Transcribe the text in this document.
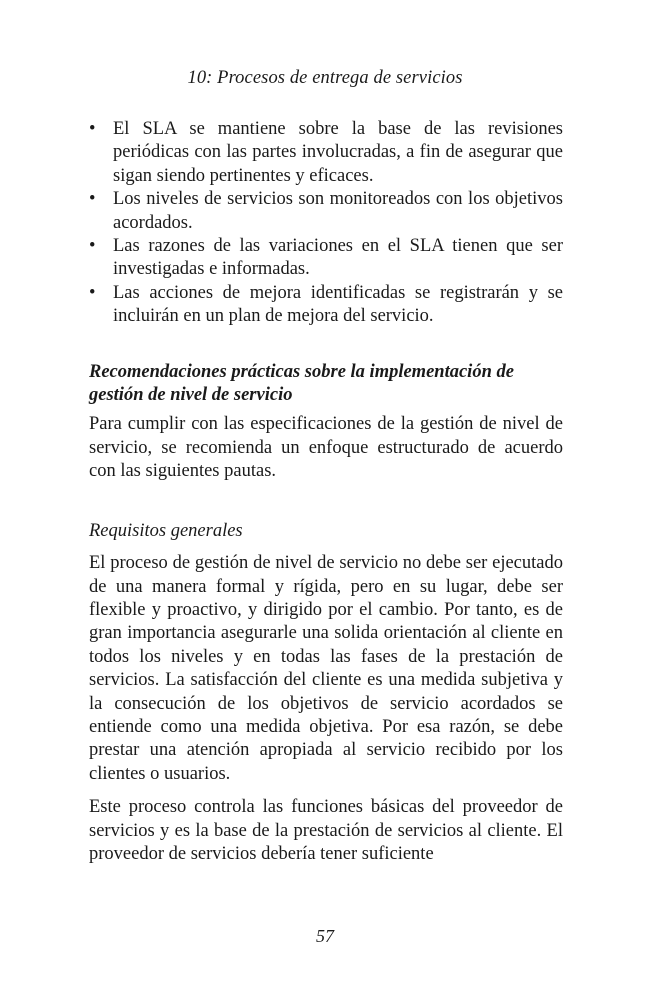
10: Procesos de entrega de servicios
• El SLA se mantiene sobre la base de las revisiones periódicas con las partes involucradas, a fin de asegurar que sigan siendo pertinentes y eficaces.
• Los niveles de servicios son monitoreados con los objetivos acordados.
• Las razones de las variaciones en el SLA tienen que ser investigadas e informadas.
• Las acciones de mejora identificadas se registrarán y se incluirán en un plan de mejora del servicio.

Recomendaciones prácticas sobre la implementación de gestión de nivel de servicio

Para cumplir con las especificaciones de la gestión de nivel de servicio, se recomienda un enfoque estructurado de acuerdo con las siguientes pautas.

Requisitos generales

El proceso de gestión de nivel de servicio no debe ser ejecutado de una manera formal y rígida, pero en su lugar, debe ser flexible y proactivo, y dirigido por el cambio. Por tanto, es de gran importancia asegurarle una solida orientación al cliente en todos los niveles y en todas las fases de la prestación de servicios. La satisfacción del cliente es una medida subjetiva y la consecución de los objetivos de servicio acordados se entiende como una medida objetiva. Por esa razón, se debe prestar una atención apropiada al servicio recibido por los clientes o usuarios.

Este proceso controla las funciones básicas del proveedor de servicios y es la base de la prestación de servicios al cliente. El proveedor de servicios debería tener suficiente

57
